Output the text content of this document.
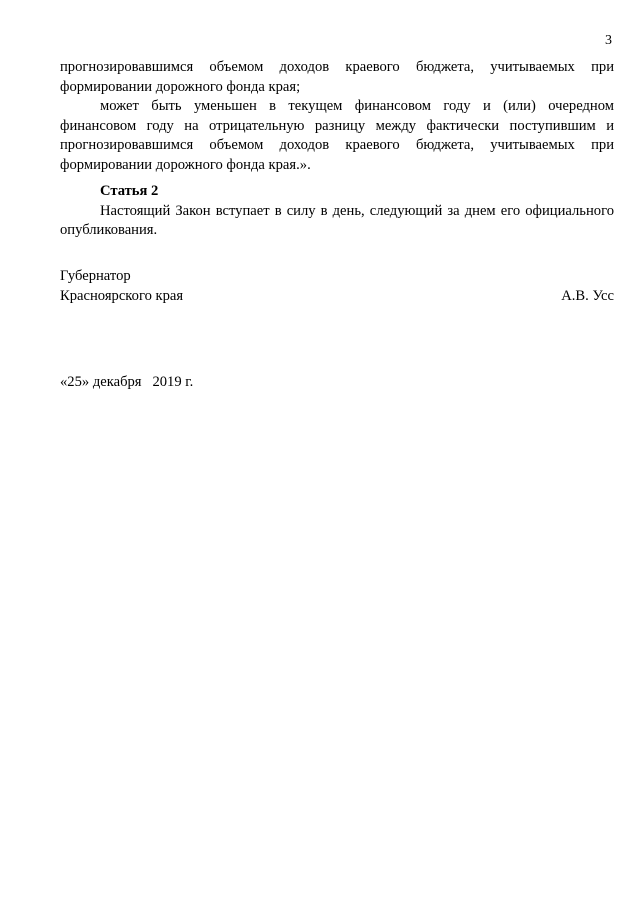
3

прогнозировавшимся объемом доходов краевого бюджета, учитываемых при формировании дорожного фонда края;

может быть уменьшен в текущем финансовом году и (или) очередном финансовом году на отрицательную разницу между фактически поступившим и прогнозировавшимся объемом доходов краевого бюджета, учитываемых при формировании дорожного фонда края.».

Статья 2

Настоящий Закон вступает в силу в день, следующий за днем его официального опубликования.

Губернатор
Красноярского края	А.В. Усс
«25» декабря   2019 г.
